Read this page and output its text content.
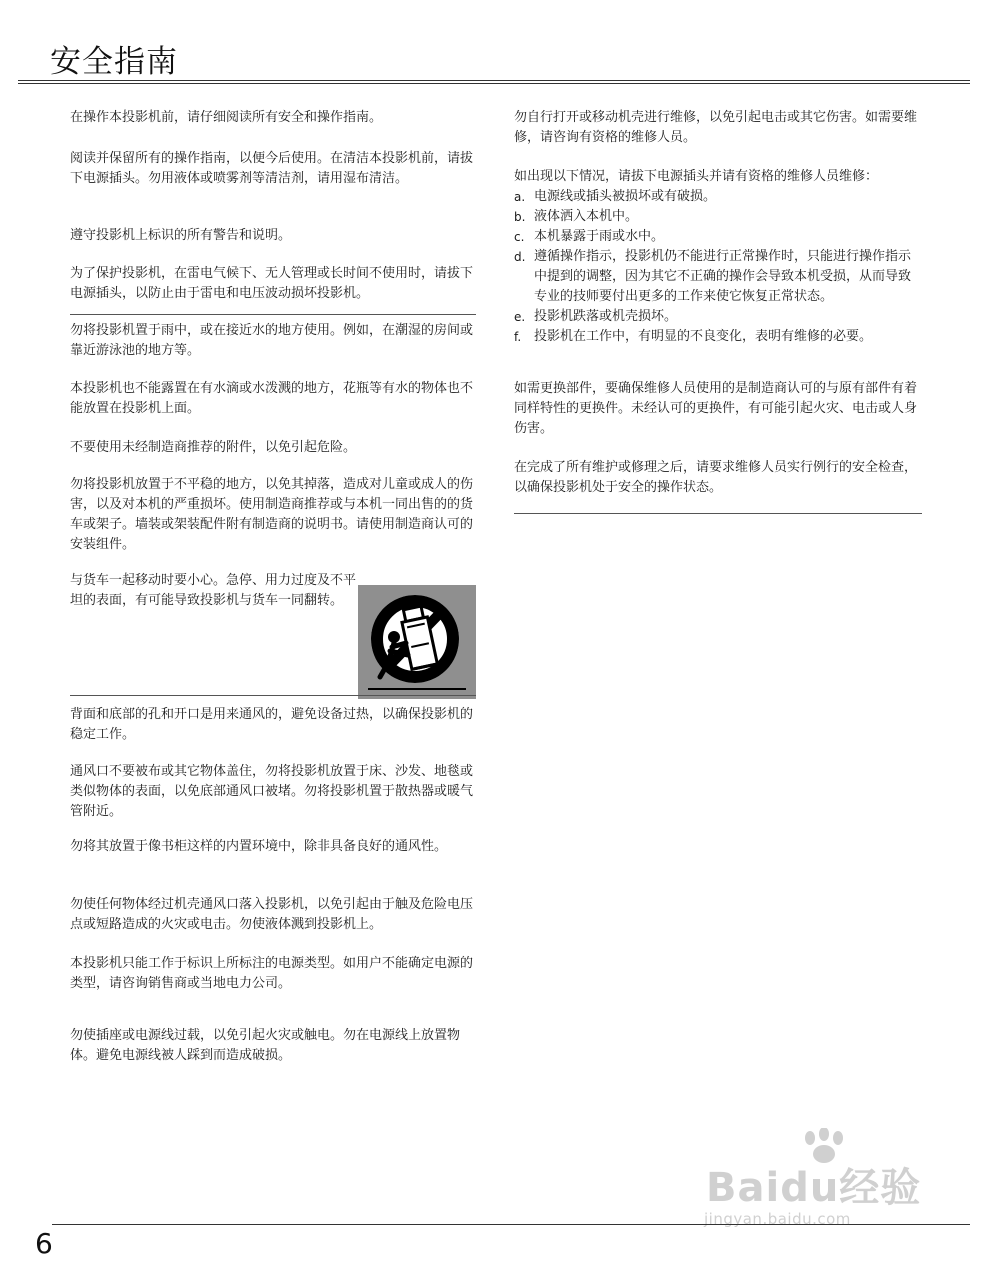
安全指南

在操作本投影机前，请仔细阅读所有安全和操作指南。

阅读并保留所有的操作指南，以便今后使用。在清洁本投影机前，请拔下电源插头。勿用液体或喷雾剂等清洁剂，请用湿布清洁。

遵守投影机上标识的所有警告和说明。

为了保护投影机，在雷电气候下、无人管理或长时间不使用时，请拔下电源插头，以防止由于雷电和电压波动损坏投影机。

勿将投影机置于雨中，或在接近水的地方使用。例如，在潮湿的房间或靠近游泳池的地方等。

本投影机也不能露置在有水滴或水泼溅的地方，花瓶等有水的物体也不能放置在投影机上面。

不要使用未经制造商推荐的附件，以免引起危险。

勿将投影机放置于不平稳的地方，以免其掉落，造成对儿童或成人的伤害，以及对本机的严重损坏。使用制造商推荐或与本机一同出售的的货车或架子。墙装或架装配件附有制造商的说明书。请使用制造商认可的安装组件。

与货车一起移动时要小心。急停、用力过度及不平坦的表面，有可能导致投影机与货车一同翻转。

背面和底部的孔和开口是用来通风的，避免设备过热，以确保投影机的稳定工作。

通风口不要被布或其它物体盖住，勿将投影机放置于床、沙发、地毯或类似物体的表面，以免底部通风口被堵。勿将投影机置于散热器或暖气管附近。

勿将其放置于像书柜这样的内置环境中，除非具备良好的通风性。

勿使任何物体经过机壳通风口落入投影机，以免引起由于触及危险电压点或短路造成的火灾或电击。勿使液体溅到投影机上。

本投影机只能工作于标识上所标注的电源类型。如用户不能确定电源的类型，请咨询销售商或当地电力公司。

勿使插座或电源线过载，以免引起火灾或触电。勿在电源线上放置物体。避免电源线被人踩到而造成破损。

勿自行打开或移动机壳进行维修，以免引起电击或其它伤害。如需要维修，请咨询有资格的维修人员。

如出现以下情况，请拔下电源插头并请有资格的维修人员维修：

a. 电源线或插头被损坏或有破损。
b. 液体洒入本机中。
c. 本机暴露于雨或水中。
d. 遵循操作指示，投影机仍不能进行正常操作时，只能进行操作指示中提到的调整，因为其它不正确的操作会导致本机受损，从而导致专业的技师要付出更多的工作来使它恢复正常状态。
e. 投影机跌落或机壳损坏。
f. 投影机在工作中，有明显的不良变化，表明有维修的必要。

如需更换部件，要确保维修人员使用的是制造商认可的与原有部件有着同样特性的更换件。未经认可的更换件，有可能引起火灾、电击或人身伤害。

在完成了所有维护或修理之后，请要求维修人员实行例行的安全检查，以确保投影机处于安全的操作状态。

Baidu经验
jingyan.baidu.com
6
